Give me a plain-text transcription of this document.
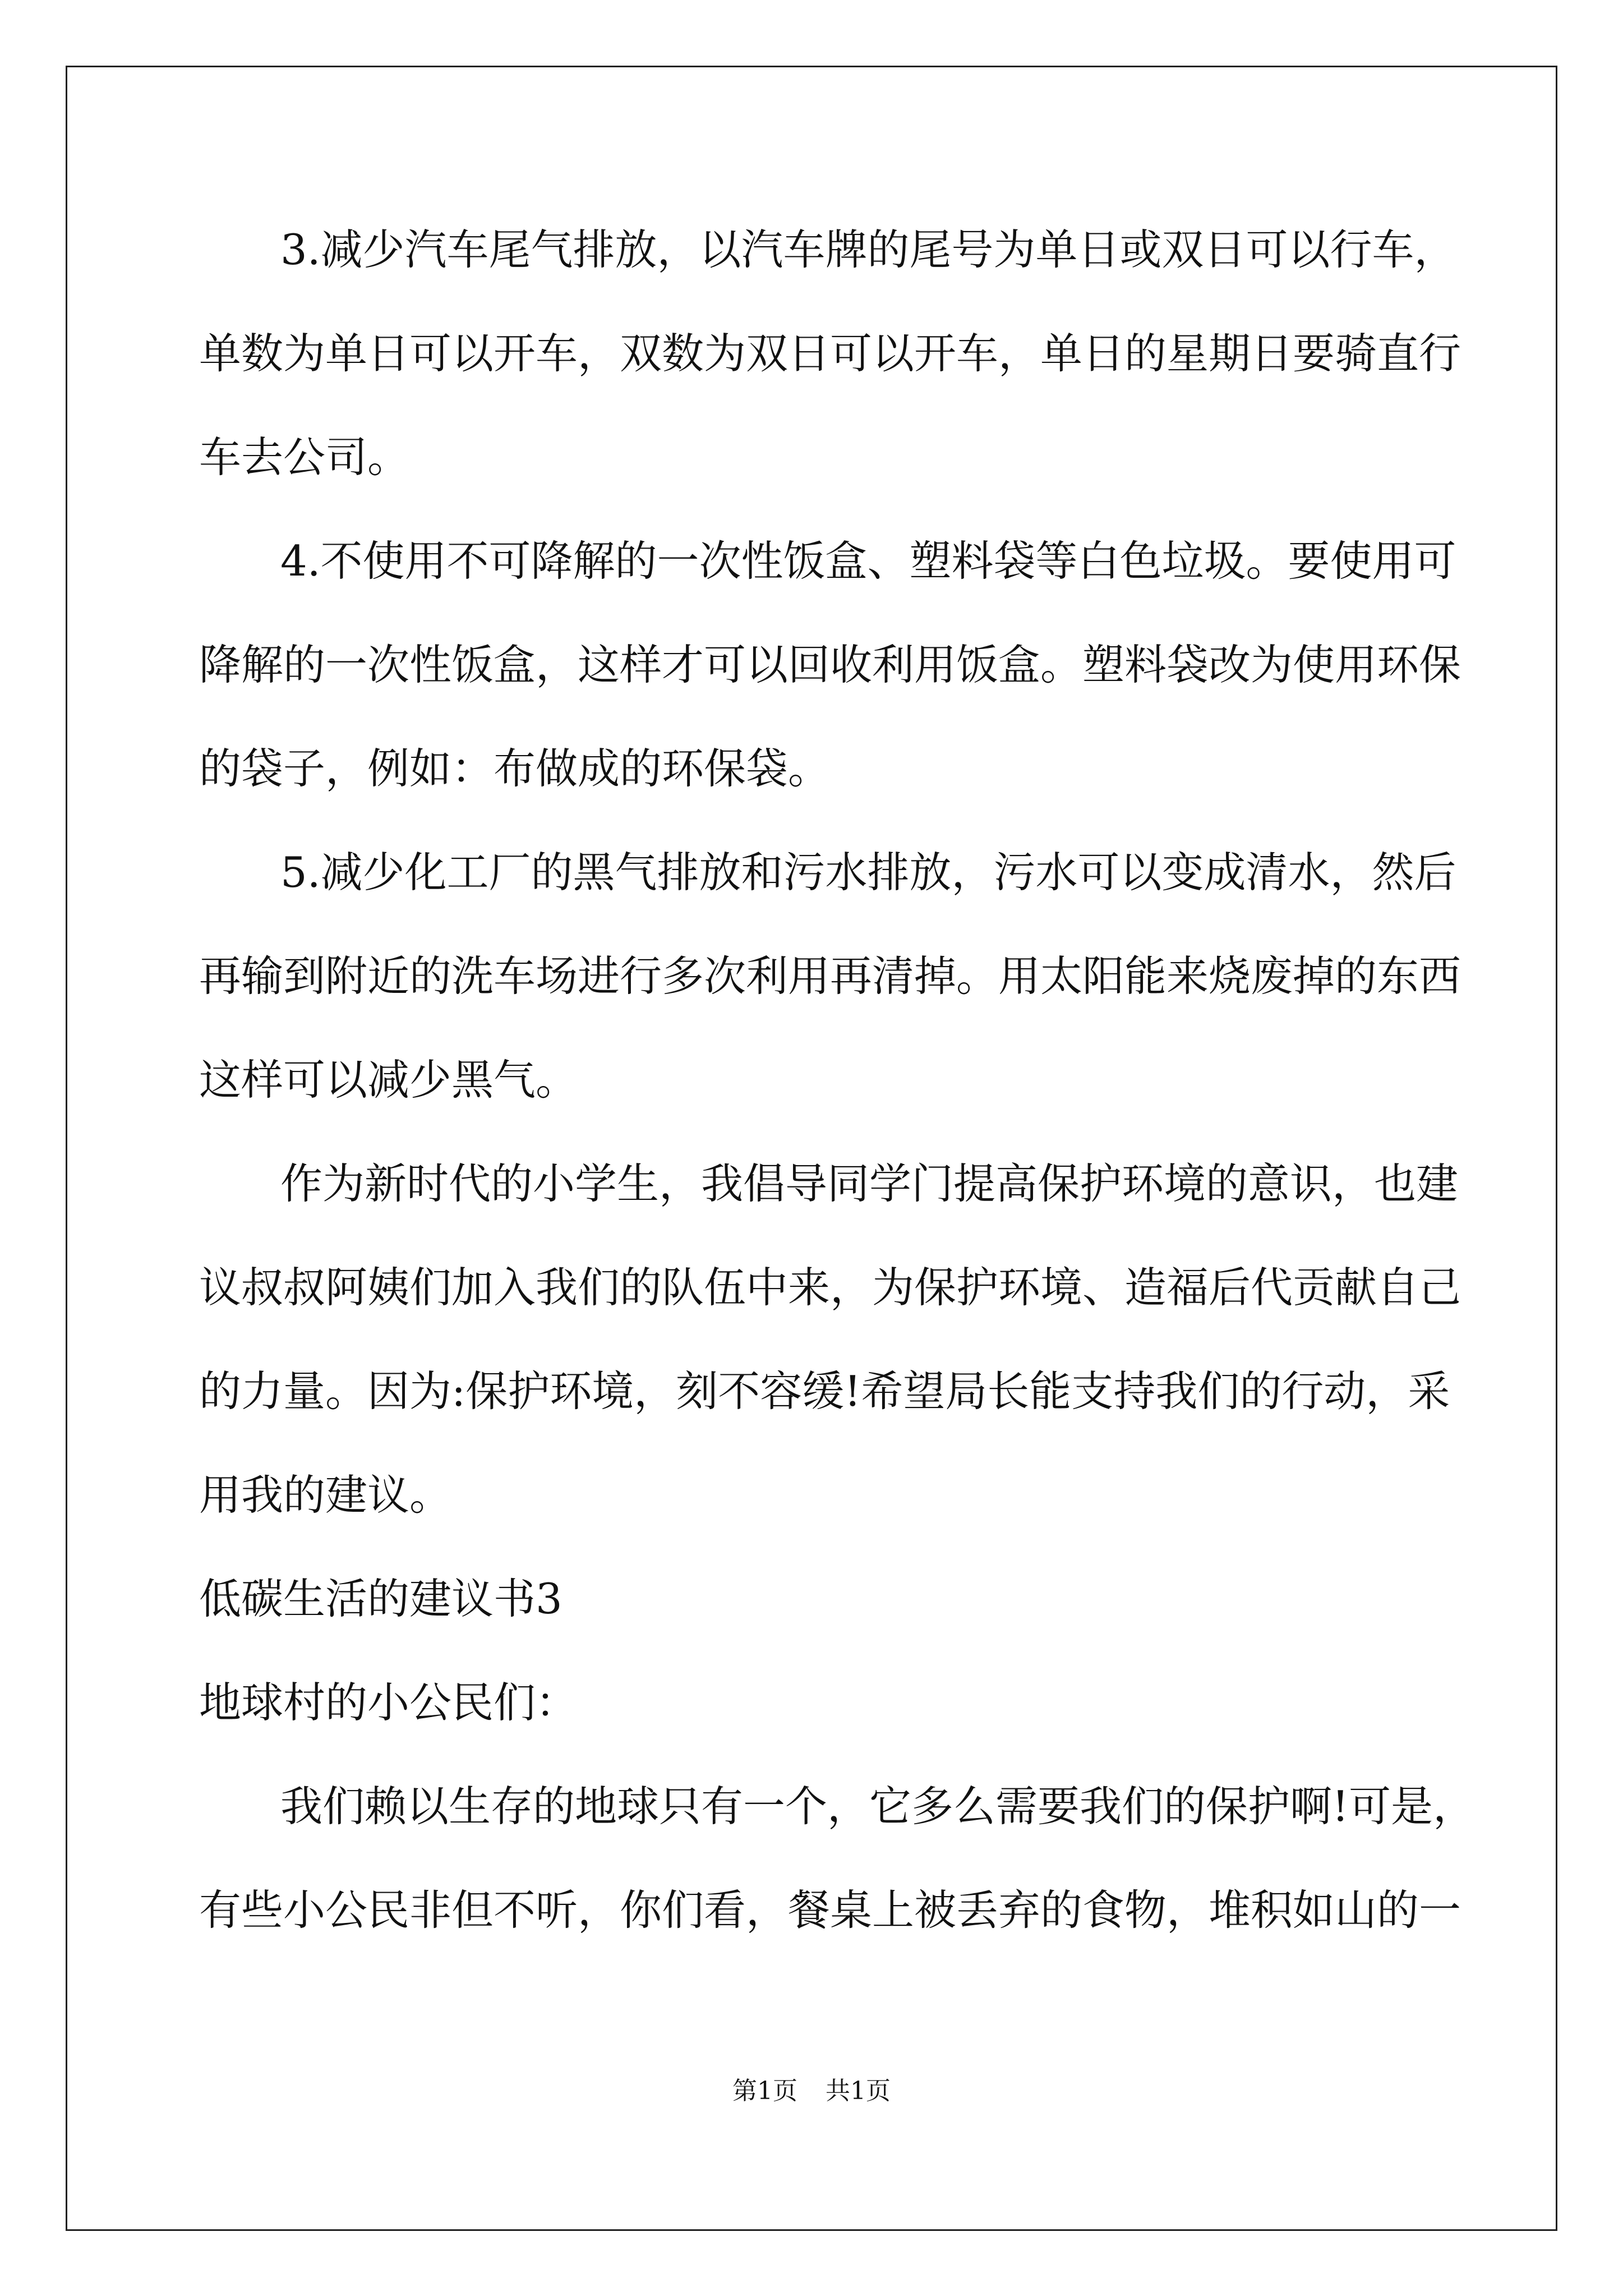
3.减少汽车尾气排放，以汽车牌的尾号为单日或双日可以行车，

单数为单日可以开车，双数为双日可以开车，单日的星期日要骑直行

车去公司。

4.不使用不可降解的一次性饭盒、塑料袋等白色垃圾。要使用可

降解的一次性饭盒，这样才可以回收利用饭盒。塑料袋改为使用环保

的袋子，例如：布做成的环保袋。

5.减少化工厂的黑气排放和污水排放，污水可以变成清水，然后

再输到附近的洗车场进行多次利用再清掉。用太阳能来烧废掉的东西

这样可以减少黑气。

作为新时代的小学生，我倡导同学门提高保护环境的意识，也建

议叔叔阿姨们加入我们的队伍中来，为保护环境、造福后代贡献自己

的力量。因为:保护环境，刻不容缓!希望局长能支持我们的行动，采

用我的建议。

低碳生活的建议书3

地球村的小公民们：

我们赖以生存的地球只有一个，它多么需要我们的保护啊!可是，

有些小公民非但不听，你们看，餐桌上被丢弃的食物，堆积如山的一

第1页 共1页
